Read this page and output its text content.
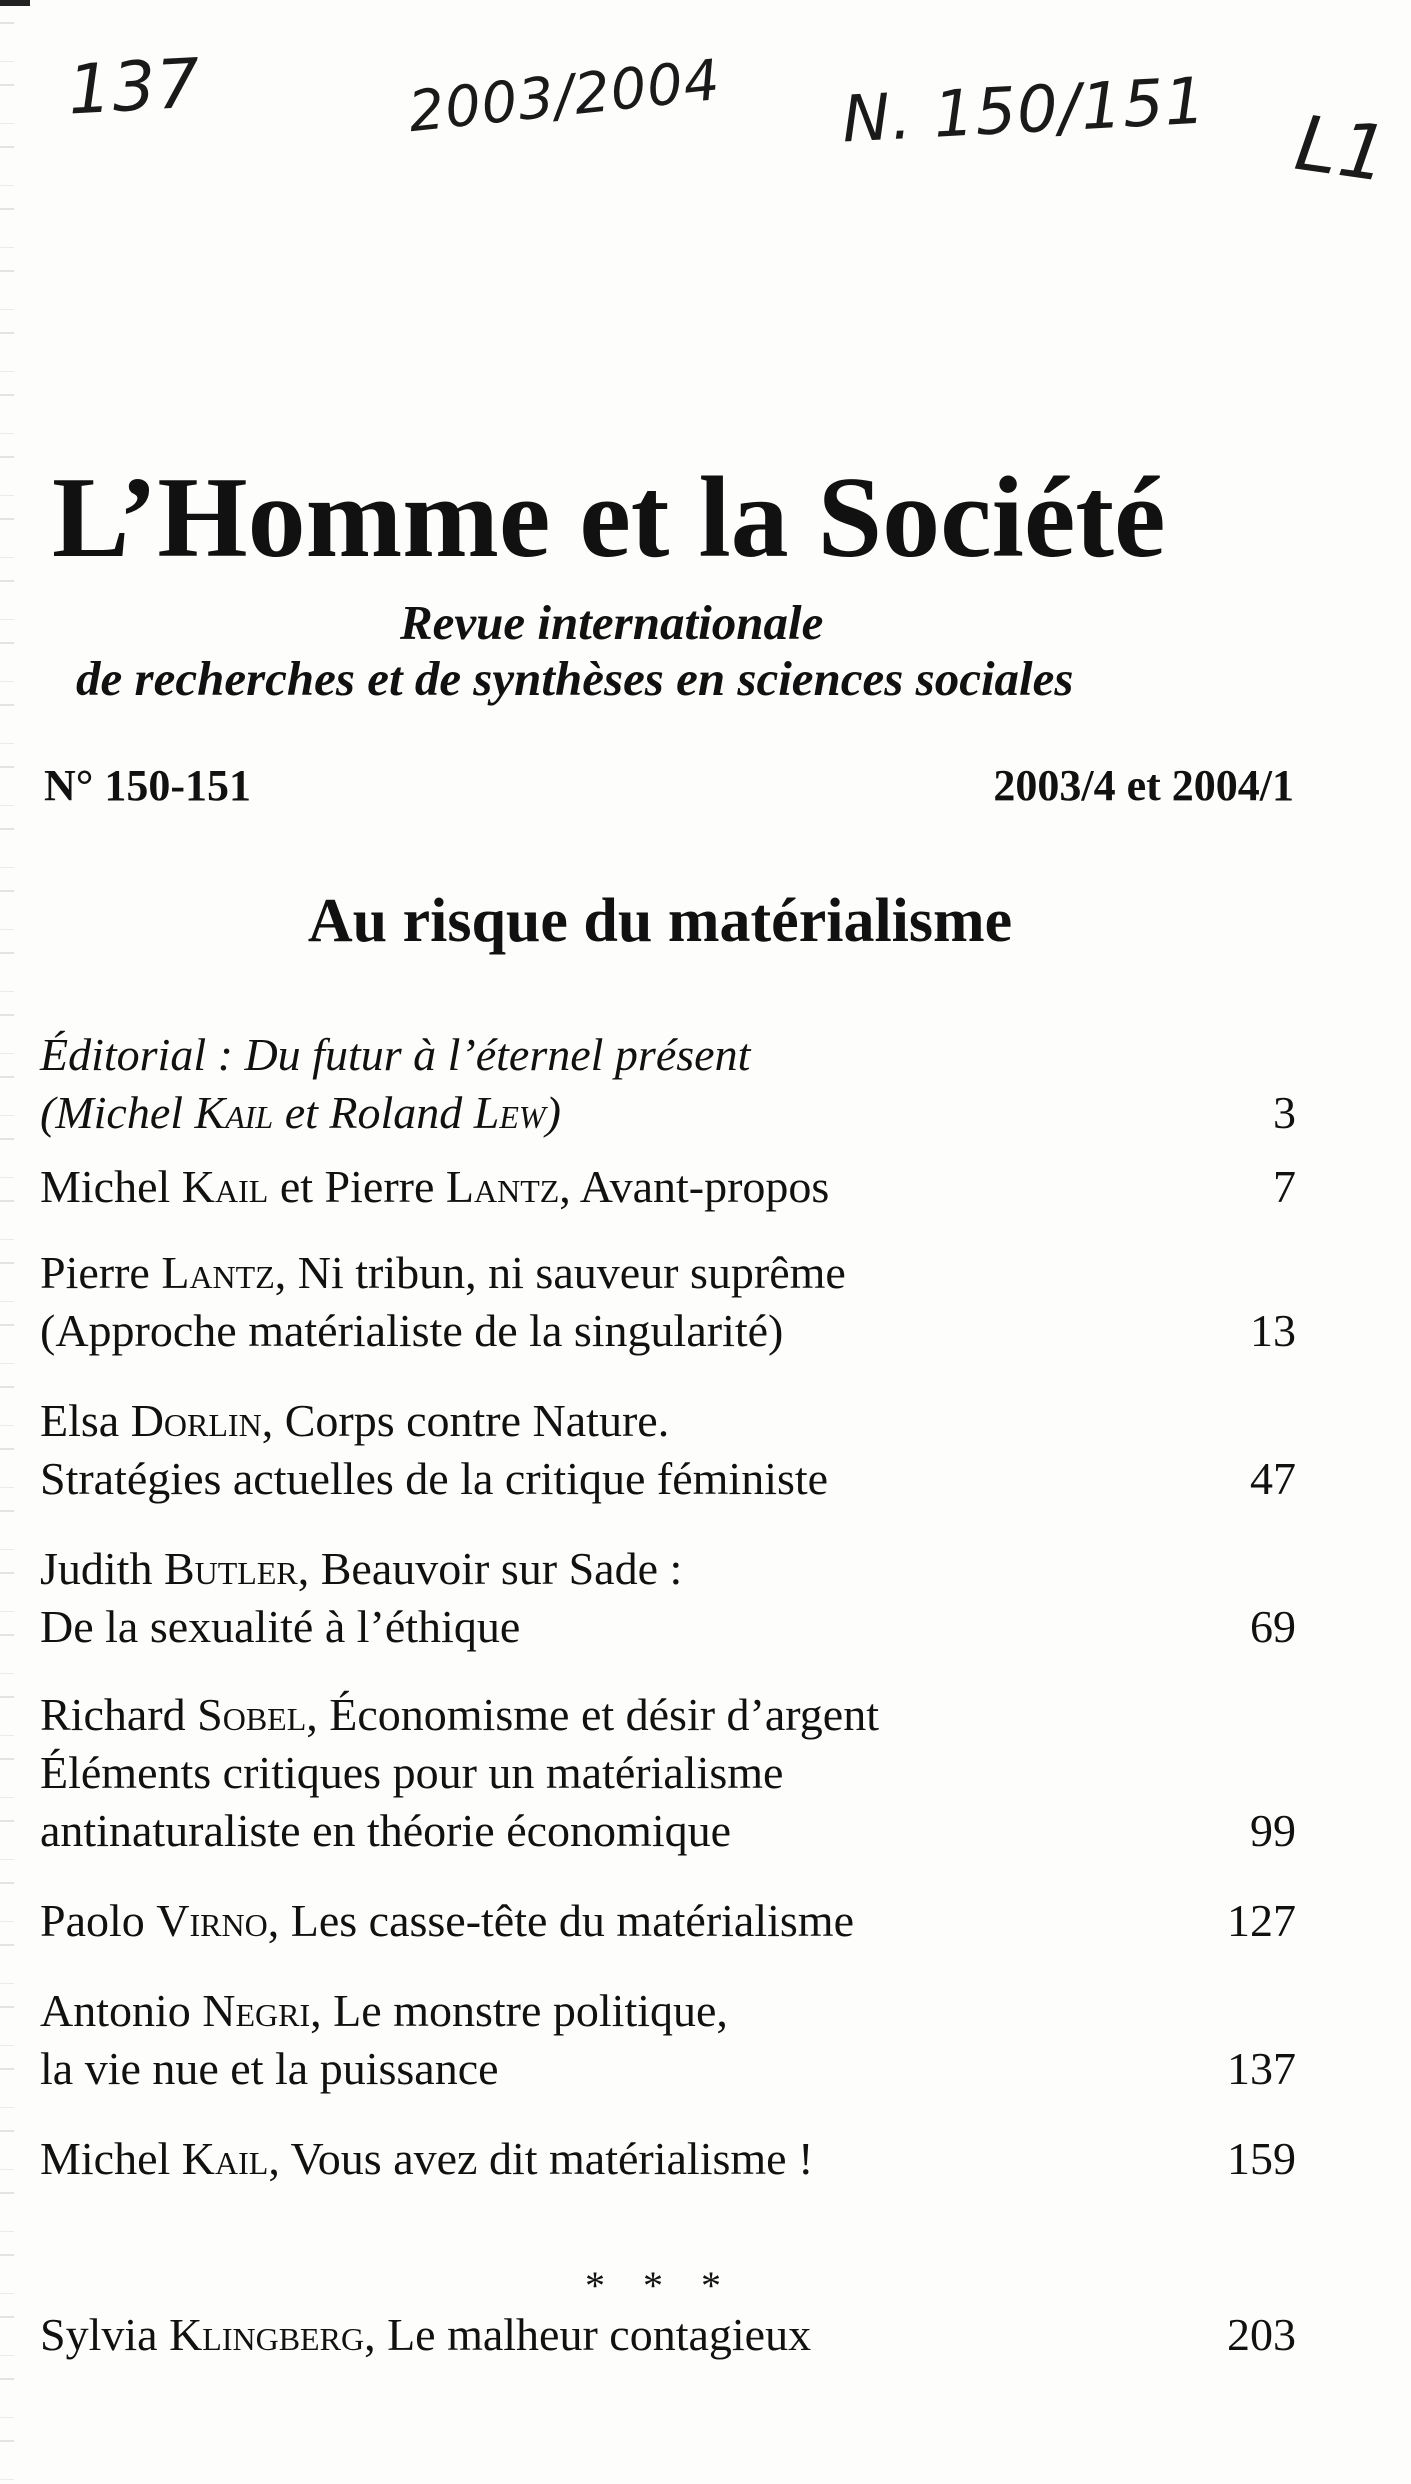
137	2003/2004 N. 150/151 L1
L’Homme et la Société
Revue internationale
de recherches et de synthèses en sciences sociales
N° 150-151	2003/4 et 2004/1
Au risque du matérialisme
Éditorial : Du futur à l’éternel présent
(Michel Kail et Roland Lew)	3
Michel Kail et Pierre Lantz, Avant-propos	7
Pierre Lantz, Ni tribun, ni sauveur suprême
(Approche matérialiste de la singularité)	13
Elsa Dorlin, Corps contre Nature.
Stratégies actuelles de la critique féministe	47
Judith Butler, Beauvoir sur Sade :
De la sexualité à l’éthique	69
Richard Sobel, Économisme et désir d’argent
Éléments critiques pour un matérialisme
antinaturaliste en théorie économique	99
Paolo Virno, Les casse-tête du matérialisme	127
Antonio Negri, Le monstre politique,
la vie nue et la puissance	137
Michel Kail, Vous avez dit matérialisme !	159
Sylvia Klingberg, Le malheur contagieux	203
* * *
